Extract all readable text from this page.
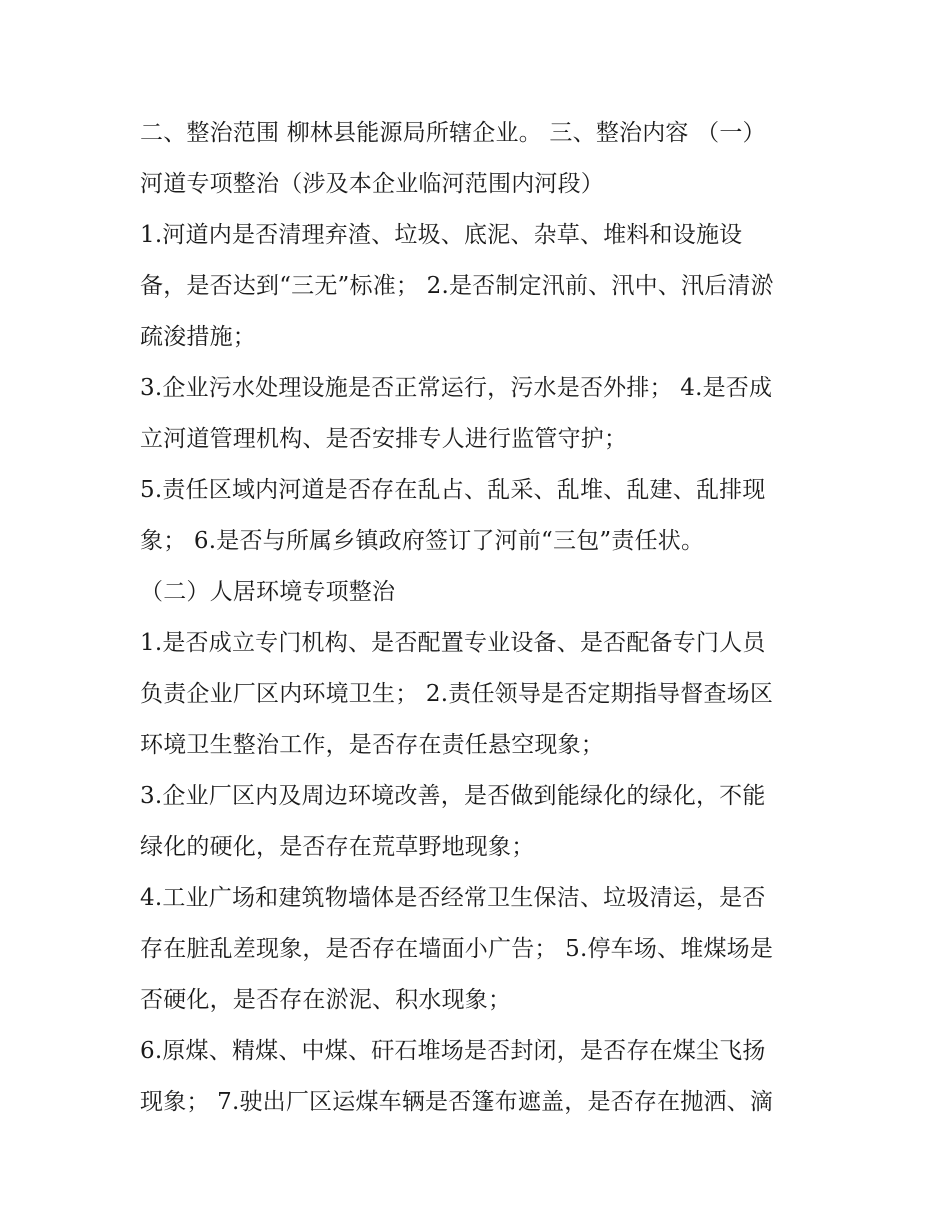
二、整治范围 柳林县能源局所辖企业。 三、整治内容 （一）
河道专项整治（涉及本企业临河范围内河段）
1.河道内是否清理弃渣、垃圾、底泥、杂草、堆料和设施设
备，是否达到“三无”标准； 2.是否制定汛前、汛中、汛后清淤
疏浚措施；
3.企业污水处理设施是否正常运行，污水是否外排； 4.是否成
立河道管理机构、是否安排专人进行监管守护；
5.责任区域内河道是否存在乱占、乱采、乱堆、乱建、乱排现
象； 6.是否与所属乡镇政府签订了河前“三包”责任状。
（二）人居环境专项整治
1.是否成立专门机构、是否配置专业设备、是否配备专门人员
负责企业厂区内环境卫生； 2.责任领导是否定期指导督查场区
环境卫生整治工作，是否存在责任悬空现象；
3.企业厂区内及周边环境改善，是否做到能绿化的绿化，不能
绿化的硬化，是否存在荒草野地现象；
4.工业广场和建筑物墙体是否经常卫生保洁、垃圾清运，是否
存在脏乱差现象，是否存在墙面小广告； 5.停车场、堆煤场是
否硬化，是否存在淤泥、积水现象；
6.原煤、精煤、中煤、矸石堆场是否封闭，是否存在煤尘飞扬
现象； 7.驶出厂区运煤车辆是否篷布遮盖，是否存在抛洒、滴
